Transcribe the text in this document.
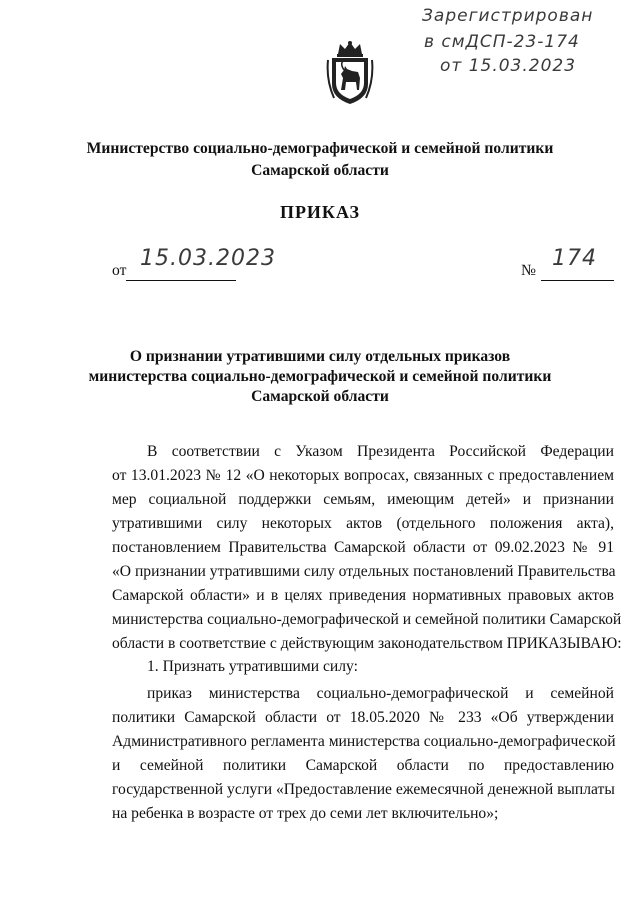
Зарегистрирован
в смДСП-23-174
от 15.03.2023
Министерство социально-демографической и семейной политики
Самарской области
ПРИКАЗ
от 15.03.2023	№ 174
О признании утратившими силу отдельных приказов
министерства социально-демографической и семейной политики
Самарской области
В соответствии с Указом Президента Российской Федерации
от 13.01.2023 № 12 «О некоторых вопросах, связанных с предоставлением
мер социальной поддержки семьям, имеющим детей» и признании
утратившими силу некоторых актов (отдельного положения акта),
постановлением Правительства Самарской области от 09.02.2023 № 91
«О признании утратившими силу отдельных постановлений Правительства
Самарской области» и в целях приведения нормативных правовых актов
министерства социально-демографической и семейной политики Самарской
области в соответствие с действующим законодательством ПРИКАЗЫВАЮ:
1. Признать утратившими силу:
приказ министерства социально-демографической и семейной
политики Самарской области от 18.05.2020 № 233 «Об утверждении
Административного регламента министерства социально-демографической
и семейной политики Самарской области по предоставлению
государственной услуги «Предоставление ежемесячной денежной выплаты
на ребенка в возрасте от трех до семи лет включительно»;
